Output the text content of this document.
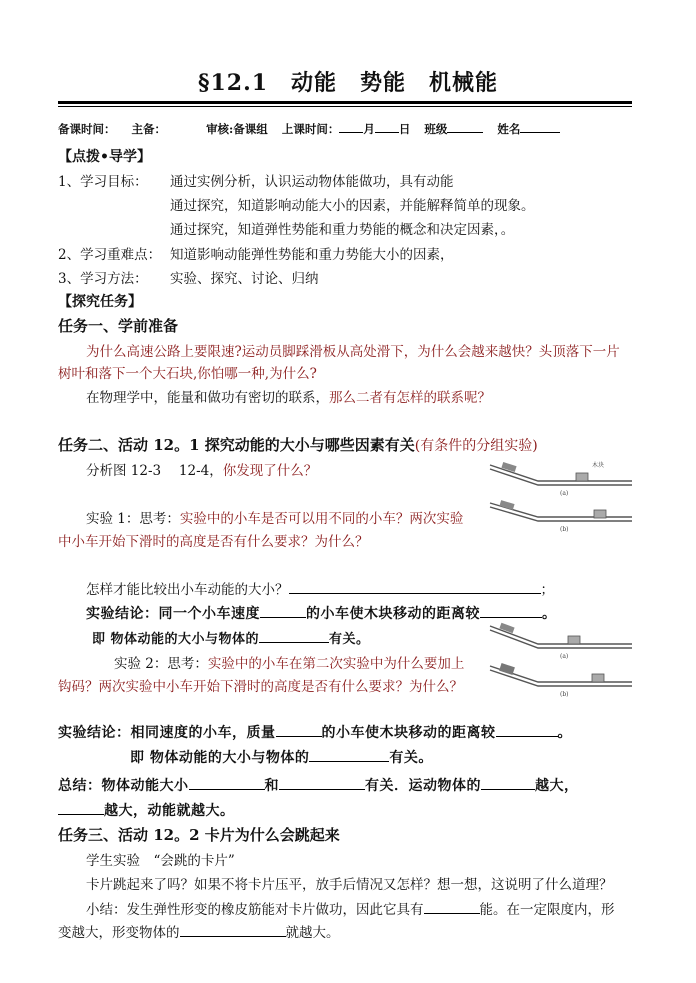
§12.1　动能　势能　机械能
备课时间： 主备：	审核:备课组 上课时间： 月 日 班级	姓名
【点拨•导学】
1、学习目标： 通过实例分析，认识运动物体能做功，具有动能
通过探究，知道影响动能大小的因素，并能解释简单的现象。
通过探究，知道弹性势能和重力势能的概念和决定因素，。
2、学习重难点： 知道影响动能弹性势能和重力势能大小的因素，
3、学习方法： 实验、探究、讨论、归纳
【探究任务】
任务一、学前准备
为什么高速公路上要限速?运动员脚踩滑板从高处滑下，为什么会越来越快？头顶落下一片
树叶和落下一个大石块,你怕哪一种,为什么?
在物理学中，能量和做功有密切的联系，那么二者有怎样的联系呢？
任务二、活动 12。1 探究动能的大小与哪些因素有关(有条件的分组实验)
分析图 12-3　 12-4，你发现了什么？	木块
(a)
(b)
实验 1：思考：实验中的小车是否可以用不同的小车？两次实验
中小车开始下滑时的高度是否有什么要求？为什么？
怎样才能比较出小车动能的大小？	；
实验结论：同一个小车速度	的小车使木块移动的距离较	。
即 物体动能的大小与物体的	有关。
(a)
(b)
实验 2：思考：实验中的小车在第二次实验中为什么要加上
钩码？两次实验中小车开始下滑时的高度是否有什么要求？为什么？
实验结论：相同速度的小车，质量	的小车使木块移动的距离较	。
即 物体动能的大小与物体的	有关。
总结：物体动能大小	和	有关．运动物体的	越大，
越大，动能就越大。
任务三、活动 12。2 卡片为什么会跳起来
学生实验　“会跳的卡片”
卡片跳起来了吗？如果不将卡片压平，放手后情况又怎样？想一想，这说明了什么道理？
小结：发生弹性形变的橡皮筋能对卡片做功，因此它具有	能。在一定限度内，形
变越大，形变物体的	就越大。
